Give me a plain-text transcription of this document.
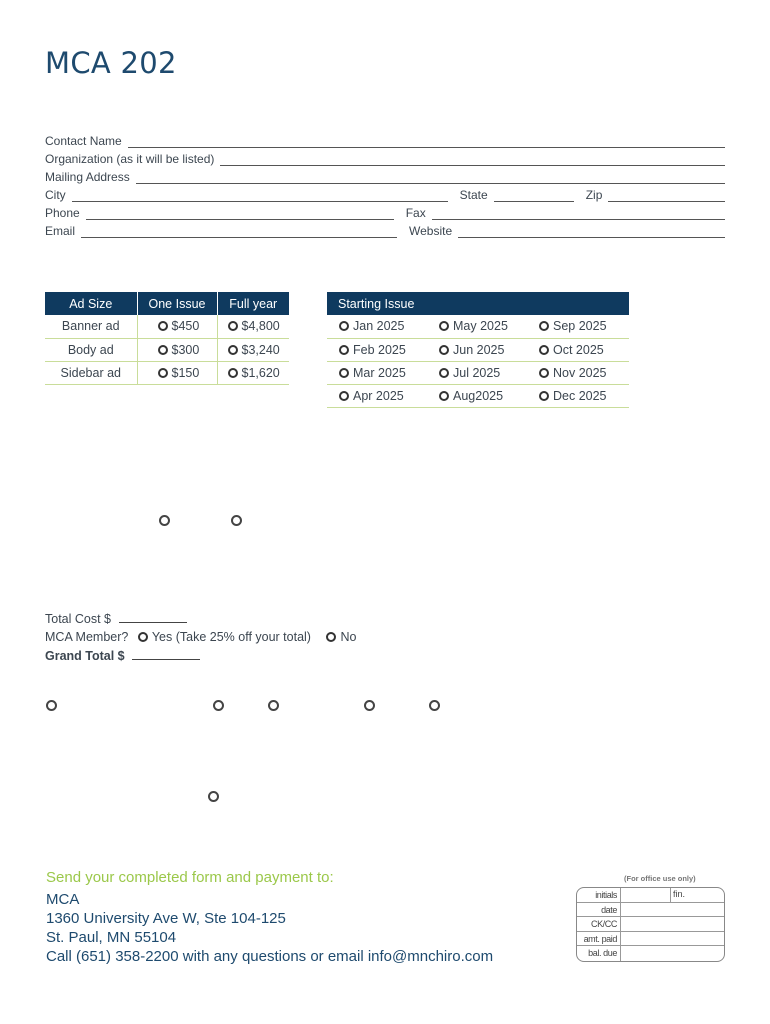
MCA 202
Contact Name
Organization (as it will be listed)
Mailing Address
City	State	Zip
Phone	Fax
Email	Website
Ad Size	One Issue	Full year
Banner ad	$450	$4,800
Body ad	$300	$3,240
Sidebar ad	$150	$1,620
Starting Issue		
Jan 2025	May 2025	Sep 2025
Feb 2025	Jun 2025	Oct 2025
Mar 2025	Jul 2025	Nov 2025
Apr 2025	Aug2025	Dec 2025
Total Cost $
MCA Member? Yes (Take 25% off your total) No
Grand Total $
Send your completed form and payment to:
MCA
1360 University Ave W, Ste 104-125
St. Paul, MN 55104
Call (651) 358-2200 with any questions or email info@mnchiro.com
(For office use only)
initials	fin.
date
CK/CC
amt. paid
bal. due
